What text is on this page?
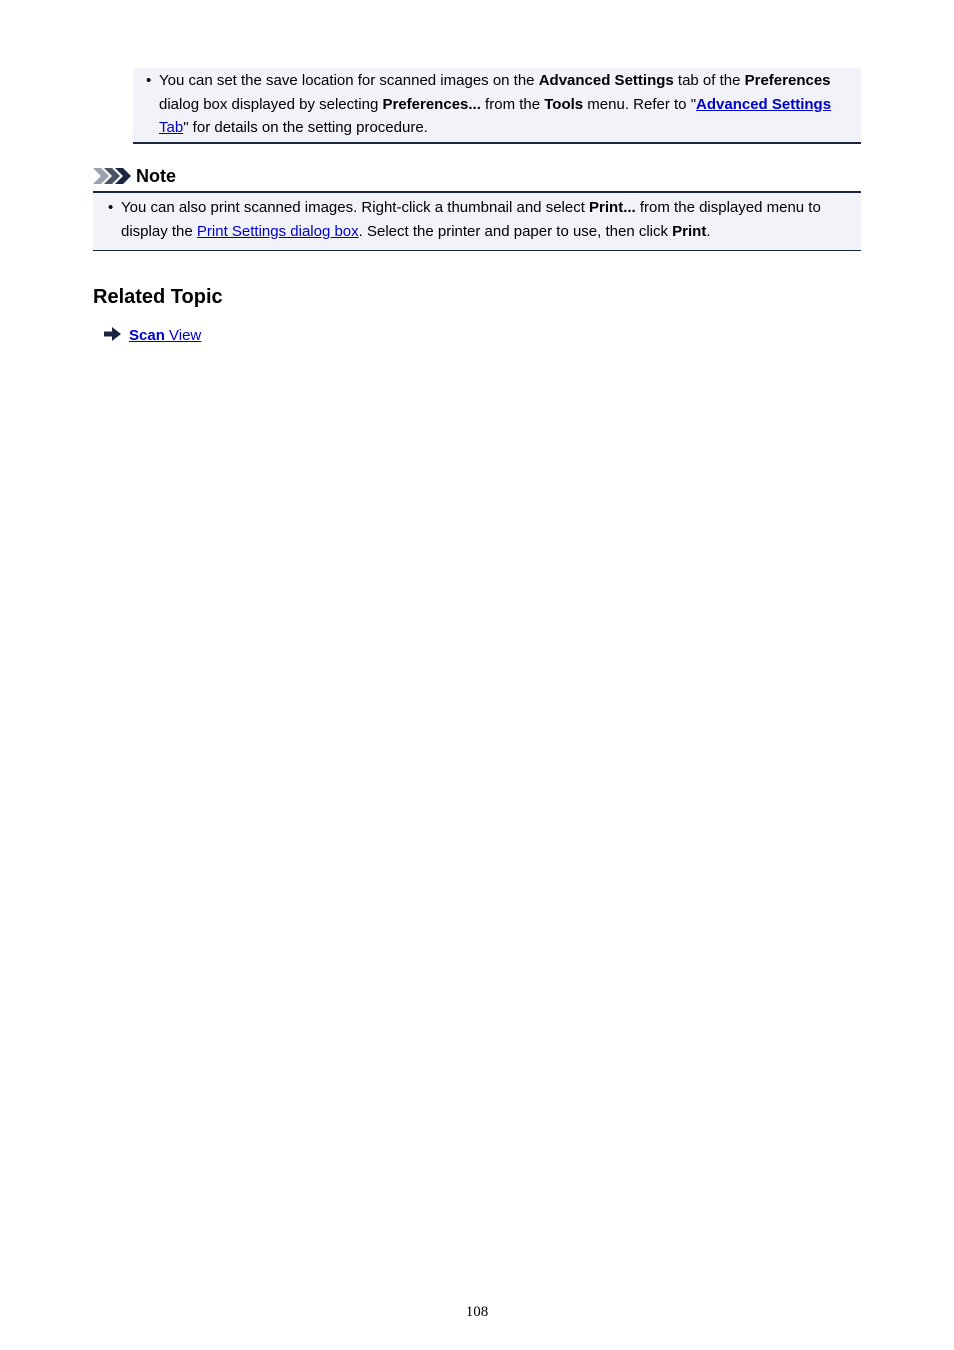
• You can set the save location for scanned images on the Advanced Settings tab of the Preferences dialog box displayed by selecting Preferences... from the Tools menu. Refer to "Advanced Settings Tab" for details on the setting procedure.
Note
• You can also print scanned images. Right-click a thumbnail and select Print... from the displayed menu to display the Print Settings dialog box. Select the printer and paper to use, then click Print.
Related Topic
Scan View
108
